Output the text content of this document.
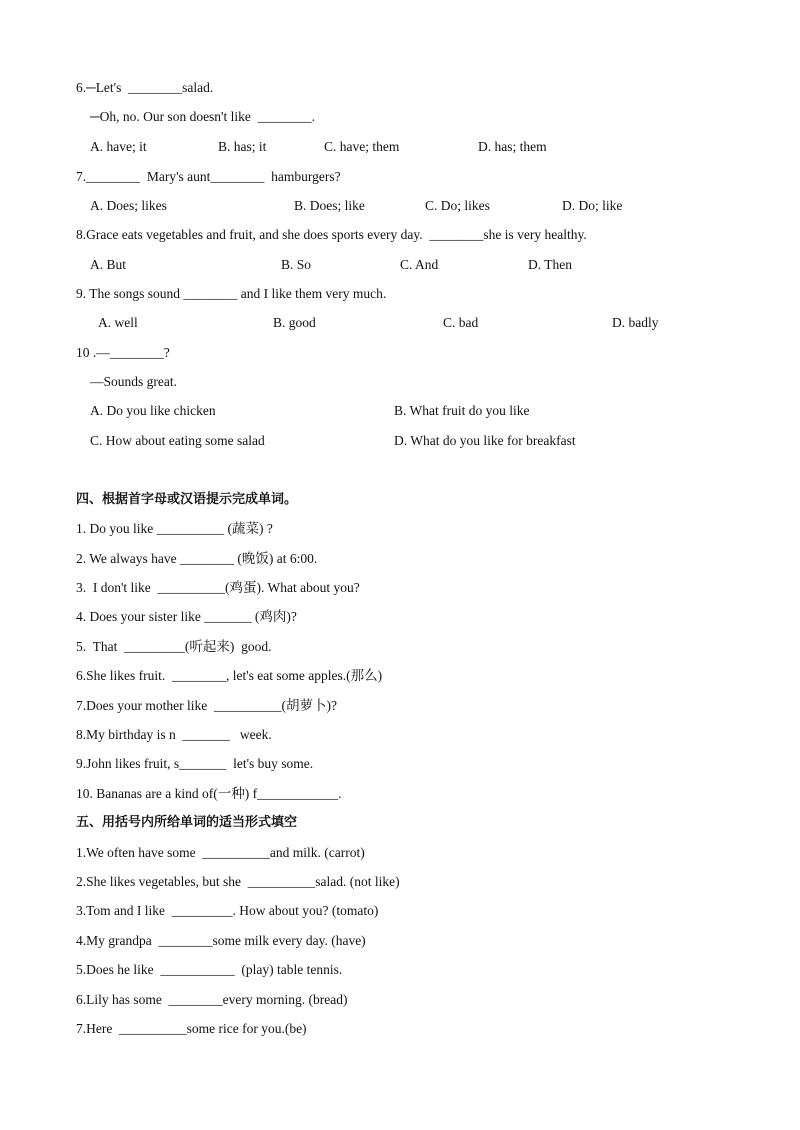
6.─Let's  ________salad.
─Oh, no. Our son doesn't like  ________.
A. have; it	B. has; it	C. have; them	D. has; them
7.________  Mary's aunt________  hamburgers?
A. Does; likes	B. Does; like	C. Do; likes	D. Do; like
8.Grace eats vegetables and fruit, and she does sports every day.  ________she is very healthy.
A. But	B. So	C. And	D. Then
9. The songs sound ________ and I like them very much.
A. well	B. good	C. bad	D. badly
10 .—________?
—Sounds great.
A. Do you like chicken	B. What fruit do you like
C. How about eating some salad	D. What do you like for breakfast
四、根据首字母或汉语提示完成单词。
1. Do you like __________ (蔬菜) ?
2. We always have ________ (晚饭) at 6:00.
3.  I don't like  __________(鸡蛋). What about you?
4. Does your sister like _______ (鸡肉)?
5.  That  _________(听起来)  good.
6.She likes fruit.  ________, let's eat some apples.(那么)
7.Does your mother like  __________(胡萝卜)?
8.My birthday is n  _______   week.
9.John likes fruit, s_______  let's buy some.
10. Bananas are a kind of(一种) f____________.
五、用括号内所给单词的适当形式填空
1.We often have some  __________and milk. (carrot)
2.She likes vegetables, but she  __________salad. (not like)
3.Tom and I like  _________. How about you? (tomato)
4.My grandpa  ________some milk every day. (have)
5.Does he like  ___________  (play) table tennis.
6.Lily has some  ________every morning. (bread)
7.Here  __________some rice for you.(be)
